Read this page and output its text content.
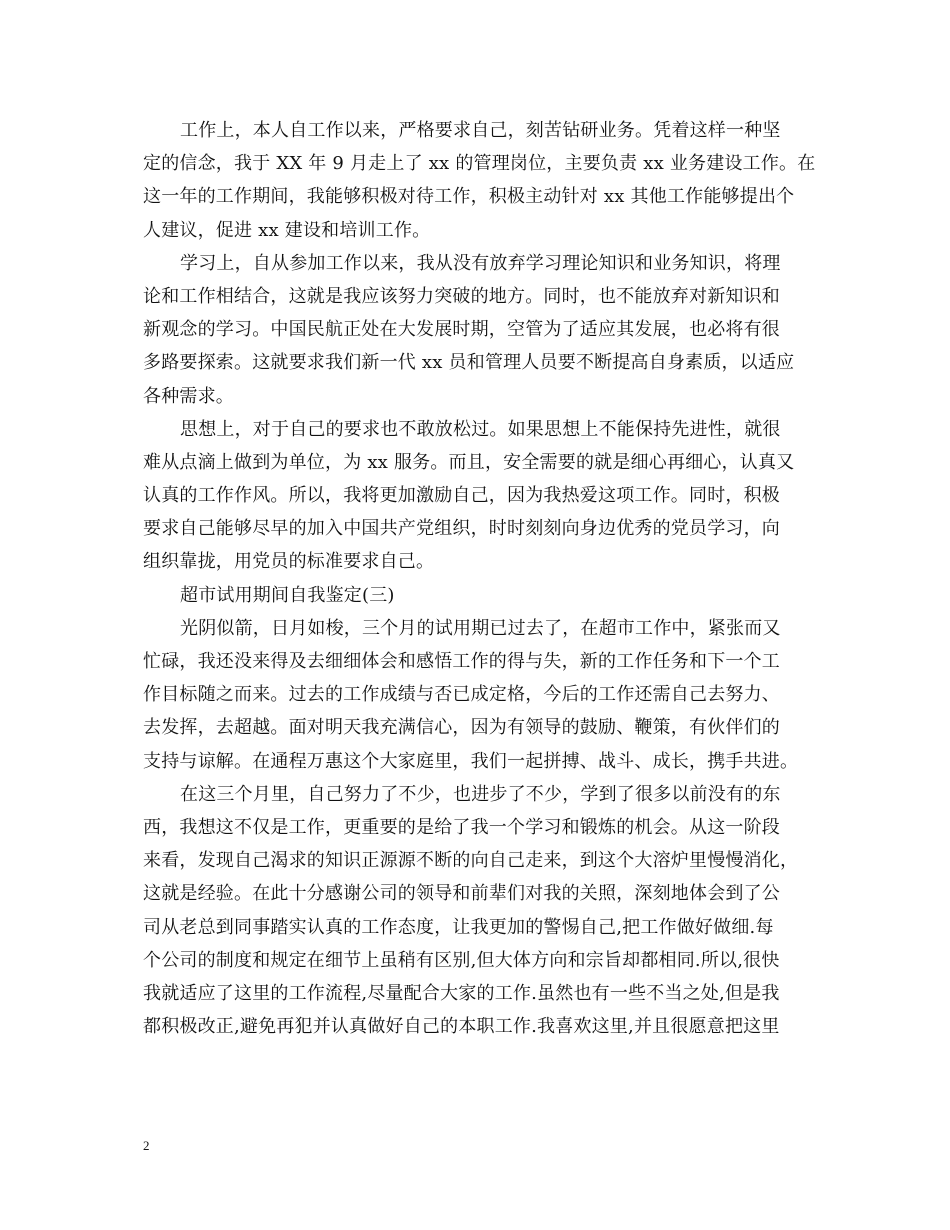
工作上，本人自工作以来，严格要求自己，刻苦钻研业务。凭着这样一种坚
定的信念，我于 XX 年 9 月走上了 xx 的管理岗位，主要负责 xx 业务建设工作。在
这一年的工作期间，我能够积极对待工作，积极主动针对 xx 其他工作能够提出个
人建议，促进 xx 建设和培训工作。
学习上，自从参加工作以来，我从没有放弃学习理论知识和业务知识，将理
论和工作相结合，这就是我应该努力突破的地方。同时，也不能放弃对新知识和
新观念的学习。中国民航正处在大发展时期，空管为了适应其发展，也必将有很
多路要探索。这就要求我们新一代 xx 员和管理人员要不断提高自身素质，以适应
各种需求。
思想上，对于自己的要求也不敢放松过。如果思想上不能保持先进性，就很
难从点滴上做到为单位，为 xx 服务。而且，安全需要的就是细心再细心，认真又
认真的工作作风。所以，我将更加激励自己，因为我热爱这项工作。同时，积极
要求自己能够尽早的加入中国共产党组织，时时刻刻向身边优秀的党员学习，向
组织靠拢，用党员的标准要求自己。
超市试用期间自我鉴定(三)
光阴似箭，日月如梭，三个月的试用期已过去了，在超市工作中，紧张而又
忙碌，我还没来得及去细细体会和感悟工作的得与失，新的工作任务和下一个工
作目标随之而来。过去的工作成绩与否已成定格，今后的工作还需自己去努力、
去发挥，去超越。面对明天我充满信心，因为有领导的鼓励、鞭策，有伙伴们的
支持与谅解。在通程万惠这个大家庭里，我们一起拼搏、战斗、成长，携手共进。
在这三个月里，自己努力了不少，也进步了不少，学到了很多以前没有的东
西，我想这不仅是工作，更重要的是给了我一个学习和锻炼的机会。从这一阶段
来看，发现自己渴求的知识正源源不断的向自己走来，到这个大溶炉里慢慢消化，
这就是经验。在此十分感谢公司的领导和前辈们对我的关照，深刻地体会到了公
司从老总到同事踏实认真的工作态度，让我更加的警惕自己,把工作做好做细.每
个公司的制度和规定在细节上虽稍有区别,但大体方向和宗旨却都相同.所以,很快
我就适应了这里的工作流程,尽量配合大家的工作.虽然也有一些不当之处,但是我
都积极改正,避免再犯并认真做好自己的本职工作.我喜欢这里,并且很愿意把这里
2
